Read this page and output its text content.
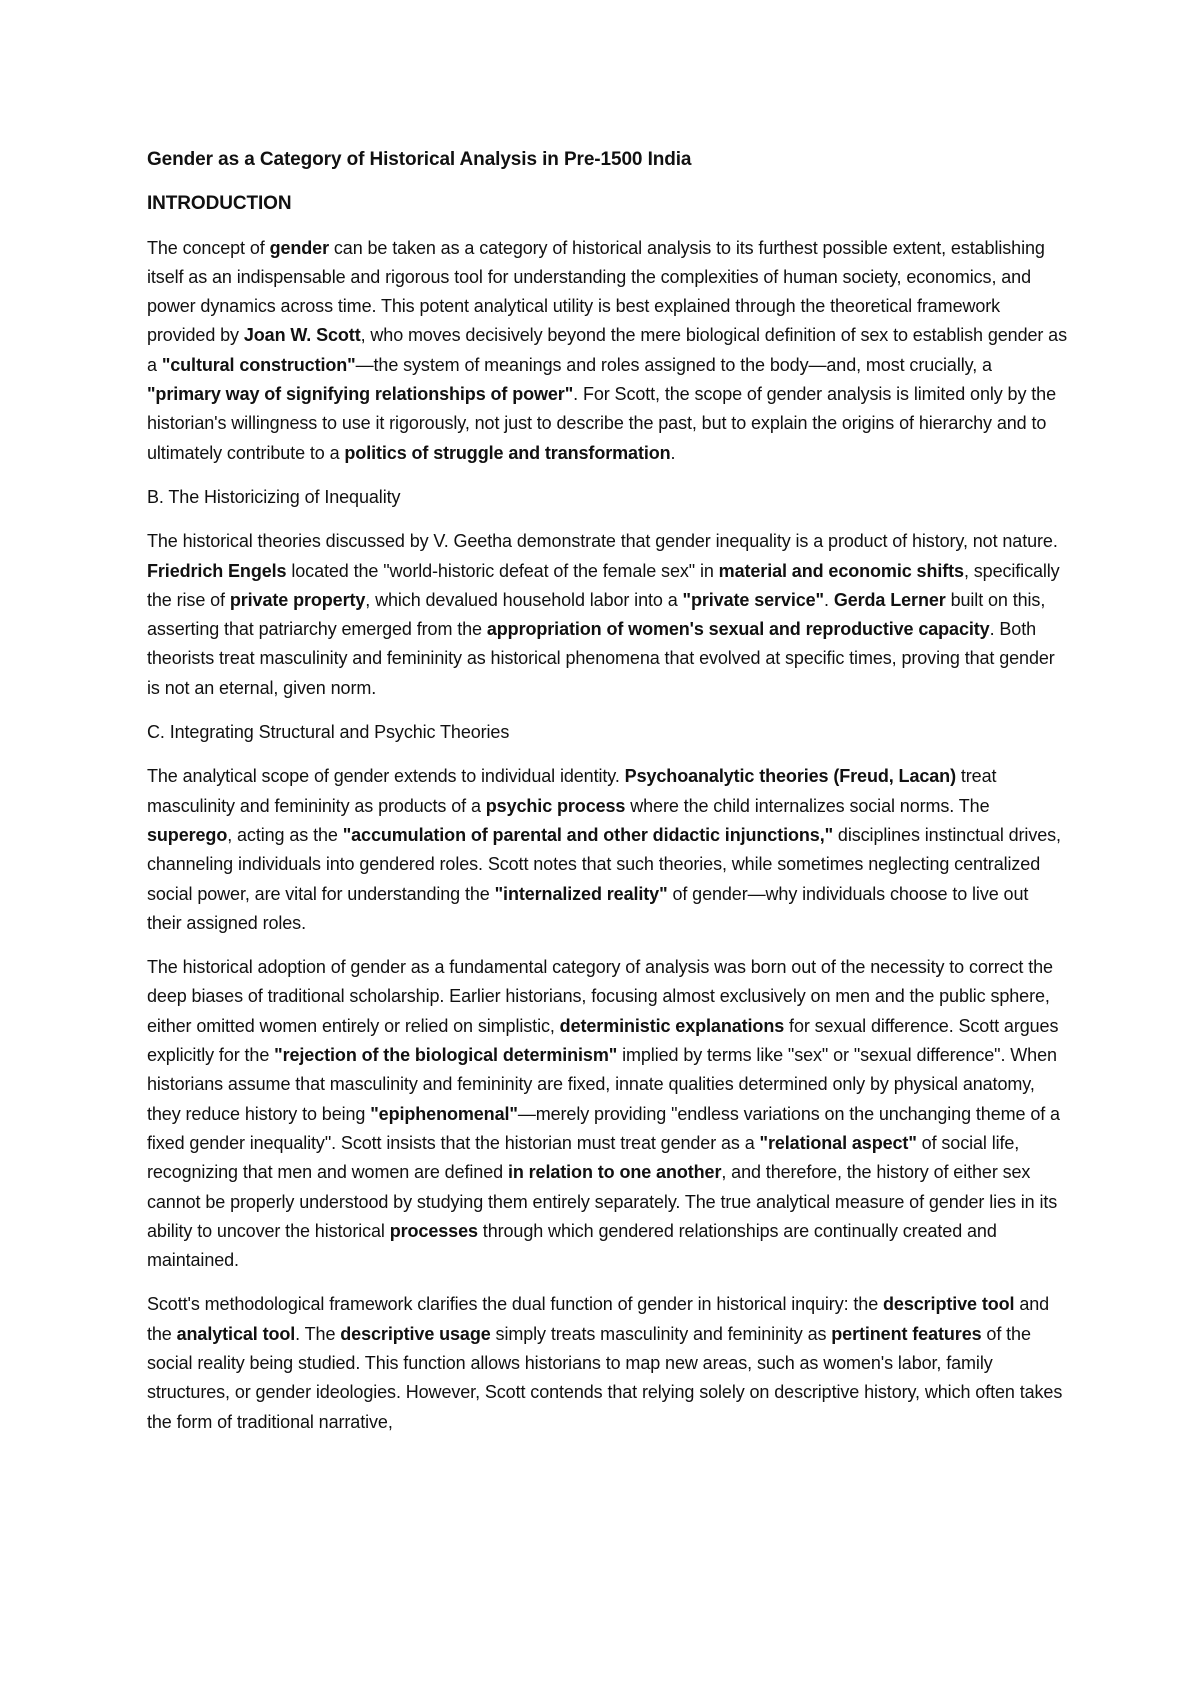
Gender as a Category of Historical Analysis in Pre-1500 India
INTRODUCTION

The concept of gender can be taken as a category of historical analysis to its furthest possible extent, establishing itself as an indispensable and rigorous tool for understanding the complexities of human society, economics, and power dynamics across time. This potent analytical utility is best explained through the theoretical framework provided by Joan W. Scott, who moves decisively beyond the mere biological definition of sex to establish gender as a "cultural construction"—the system of meanings and roles assigned to the body—and, most crucially, a "primary way of signifying relationships of power". For Scott, the scope of gender analysis is limited only by the historian's willingness to use it rigorously, not just to describe the past, but to explain the origins of hierarchy and to ultimately contribute to a politics of struggle and transformation.

B. The Historicizing of Inequality

The historical theories discussed by V. Geetha demonstrate that gender inequality is a product of history, not nature. Friedrich Engels located the "world-historic defeat of the female sex" in material and economic shifts, specifically the rise of private property, which devalued household labor into a "private service". Gerda Lerner built on this, asserting that patriarchy emerged from the appropriation of women's sexual and reproductive capacity. Both theorists treat masculinity and femininity as historical phenomena that evolved at specific times, proving that gender is not an eternal, given norm.

C. Integrating Structural and Psychic Theories

The analytical scope of gender extends to individual identity. Psychoanalytic theories (Freud, Lacan) treat masculinity and femininity as products of a psychic process where the child internalizes social norms. The superego, acting as the "accumulation of parental and other didactic injunctions," disciplines instinctual drives, channeling individuals into gendered roles. Scott notes that such theories, while sometimes neglecting centralized social power, are vital for understanding the "internalized reality" of gender—why individuals choose to live out their assigned roles.

The historical adoption of gender as a fundamental category of analysis was born out of the necessity to correct the deep biases of traditional scholarship. Earlier historians, focusing almost exclusively on men and the public sphere, either omitted women entirely or relied on simplistic, deterministic explanations for sexual difference. Scott argues explicitly for the "rejection of the biological determinism" implied by terms like "sex" or "sexual difference". When historians assume that masculinity and femininity are fixed, innate qualities determined only by physical anatomy, they reduce history to being "epiphenomenal"—merely providing "endless variations on the unchanging theme of a fixed gender inequality". Scott insists that the historian must treat gender as a "relational aspect" of social life, recognizing that men and women are defined in relation to one another, and therefore, the history of either sex cannot be properly understood by studying them entirely separately. The true analytical measure of gender lies in its ability to uncover the historical processes through which gendered relationships are continually created and maintained.

Scott's methodological framework clarifies the dual function of gender in historical inquiry: the descriptive tool and the analytical tool. The descriptive usage simply treats masculinity and femininity as pertinent features of the social reality being studied. This function allows historians to map new areas, such as women's labor, family structures, or gender ideologies. However, Scott contends that relying solely on descriptive history, which often takes the form of traditional narrative,
